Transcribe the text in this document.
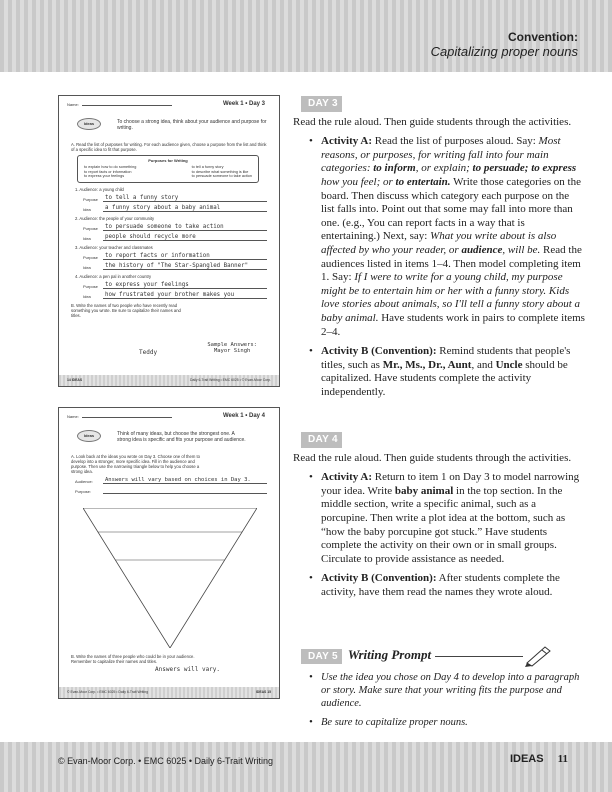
Convention:
Capitalizing proper nouns
Name:	Week 1 • Day 3
Ideas	To choose a strong idea, think about your audience and purpose for writing.
A. Read the list of purposes for writing. For each audience given, choose a purpose from the list and think of a specific idea to fit that purpose.
Purposes for Writing
to explain how to do something
to report facts or information
to express your feelings
to tell a funny story
to describe what something is like
to persuade someone to take action
1. Audience: a young child
Purpose	to tell a funny story
Idea	a funny story about a baby animal
2. Audience: the people of your community
Purpose	to persuade someone to take action
Idea	people should recycle more
3. Audience: your teacher and classmates
Purpose	to report facts or information
Idea	the history of "The Star-Spangled Banner"
4. Audience: a pen pal in another country
Purpose	to express your feelings
Idea	how frustrated your brother makes you
B. Write the names of two people who have recently read something you wrote. Be sure to capitalize their names and titles.
Sample Answers:
Mayor Singh
Teddy
14 IDEAS	Daily 6-Trait Writing • EMC 6025 • © Evan-Moor Corp.
Name:	Week 1 • Day 4
Ideas	Think of many ideas, but choose the strongest one. A strong idea is specific and fits your purpose and audience.
A. Look back at the ideas you wrote on Day 3. Choose one of them to develop into a stronger, more specific idea. Fill in the audience and purpose. Then use the narrowing triangle below to help you choose a strong idea.
Audience:	Answers will vary based on choices in Day 3.
Purpose:
B. Write the names of three people who could be in your audience. Remember to capitalize their names and titles.
Answers will vary.
© Evan-Moor Corp. • EMC 6025 • Daily 6-Trait Writing	IDEAS 15
DAY 3
Read the rule aloud. Then guide students through the activities.
• Activity A: Read the list of purposes aloud. Say: Most reasons, or purposes, for writing fall into four main categories: to inform, or explain; to persuade; to express how you feel; or to entertain. Write those categories on the board. Then discuss which category each purpose on the list falls into. Point out that some may fall into more than one. (e.g., You can report facts in a way that is entertaining.) Next, say: What you write about is also affected by who your reader, or audience, will be. Read the audiences listed in items 1–4. Then model completing item 1. Say: If I were to write for a young child, my purpose might be to entertain him or her with a funny story. Kids love stories about animals, so I'll tell a funny story about a baby animal. Have students work in pairs to complete items 2–4.
• Activity B (Convention): Remind students that people's titles, such as Mr., Ms., Dr., Aunt, and Uncle should be capitalized. Have students complete the activity independently.
DAY 4
Read the rule aloud. Then guide students through the activities.
• Activity A: Return to item 1 on Day 3 to model narrowing your idea. Write baby animal in the top section. In the middle section, write a specific animal, such as a porcupine. Then write a plot idea at the bottom, such as “how the baby porcupine got stuck.” Have students complete the activity on their own or in small groups. Circulate to provide assistance as needed.
• Activity B (Convention): After students complete the activity, have them read the names they wrote aloud.
DAY 5 Writing Prompt
• Use the idea you chose on Day 4 to develop into a paragraph or story. Make sure that your writing fits the purpose and audience.
• Be sure to capitalize proper nouns.
© Evan-Moor Corp. • EMC 6025 • Daily 6-Trait Writing	IDEAS 11
